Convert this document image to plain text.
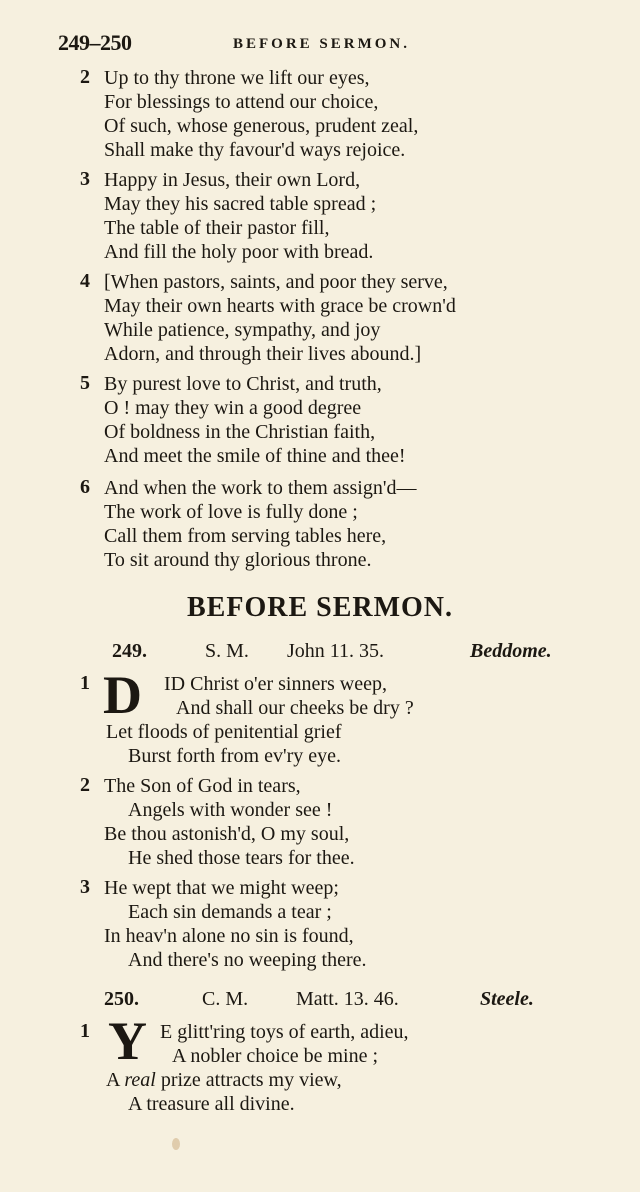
249–250	BEFORE SERMON.
2 Up to thy throne we lift our eyes,
For blessings to attend our choice,
Of such, whose generous, prudent zeal,
Shall make thy favour'd ways rejoice.
3 Happy in Jesus, their own Lord,
May they his sacred table spread ;
The table of their pastor fill,
And fill the holy poor with bread.
4 [When pastors, saints, and poor they serve,
May their own hearts with grace be crown'd
While patience, sympathy, and joy
Adorn, and through their lives abound.]
5 By purest love to Christ, and truth,
O ! may they win a good degree
Of boldness in the Christian faith,
And meet the smile of thine and thee!
6 And when the work to them assign'd—
The work of love is fully done ;
Call them from serving tables here,
To sit around thy glorious throne.
BEFORE SERMON.
249.	S. M. John 11. 35.	Beddome.
1 D ID Christ o'er sinners weep,
And shall our cheeks be dry ?
Let floods of penitential grief
Burst forth from ev'ry eye.
2 The Son of God in tears,
Angels with wonder see !
Be thou astonish'd, O my soul,
He shed those tears for thee.
3 He wept that we might weep;
Each sin demands a tear ;
In heav'n alone no sin is found,
And there's no weeping there.
250.	C. M. Matt. 13. 46.	Steele.
1 Y E glitt'ring toys of earth, adieu,
A nobler choice be mine ;
A real prize attracts my view,
A treasure all divine.
